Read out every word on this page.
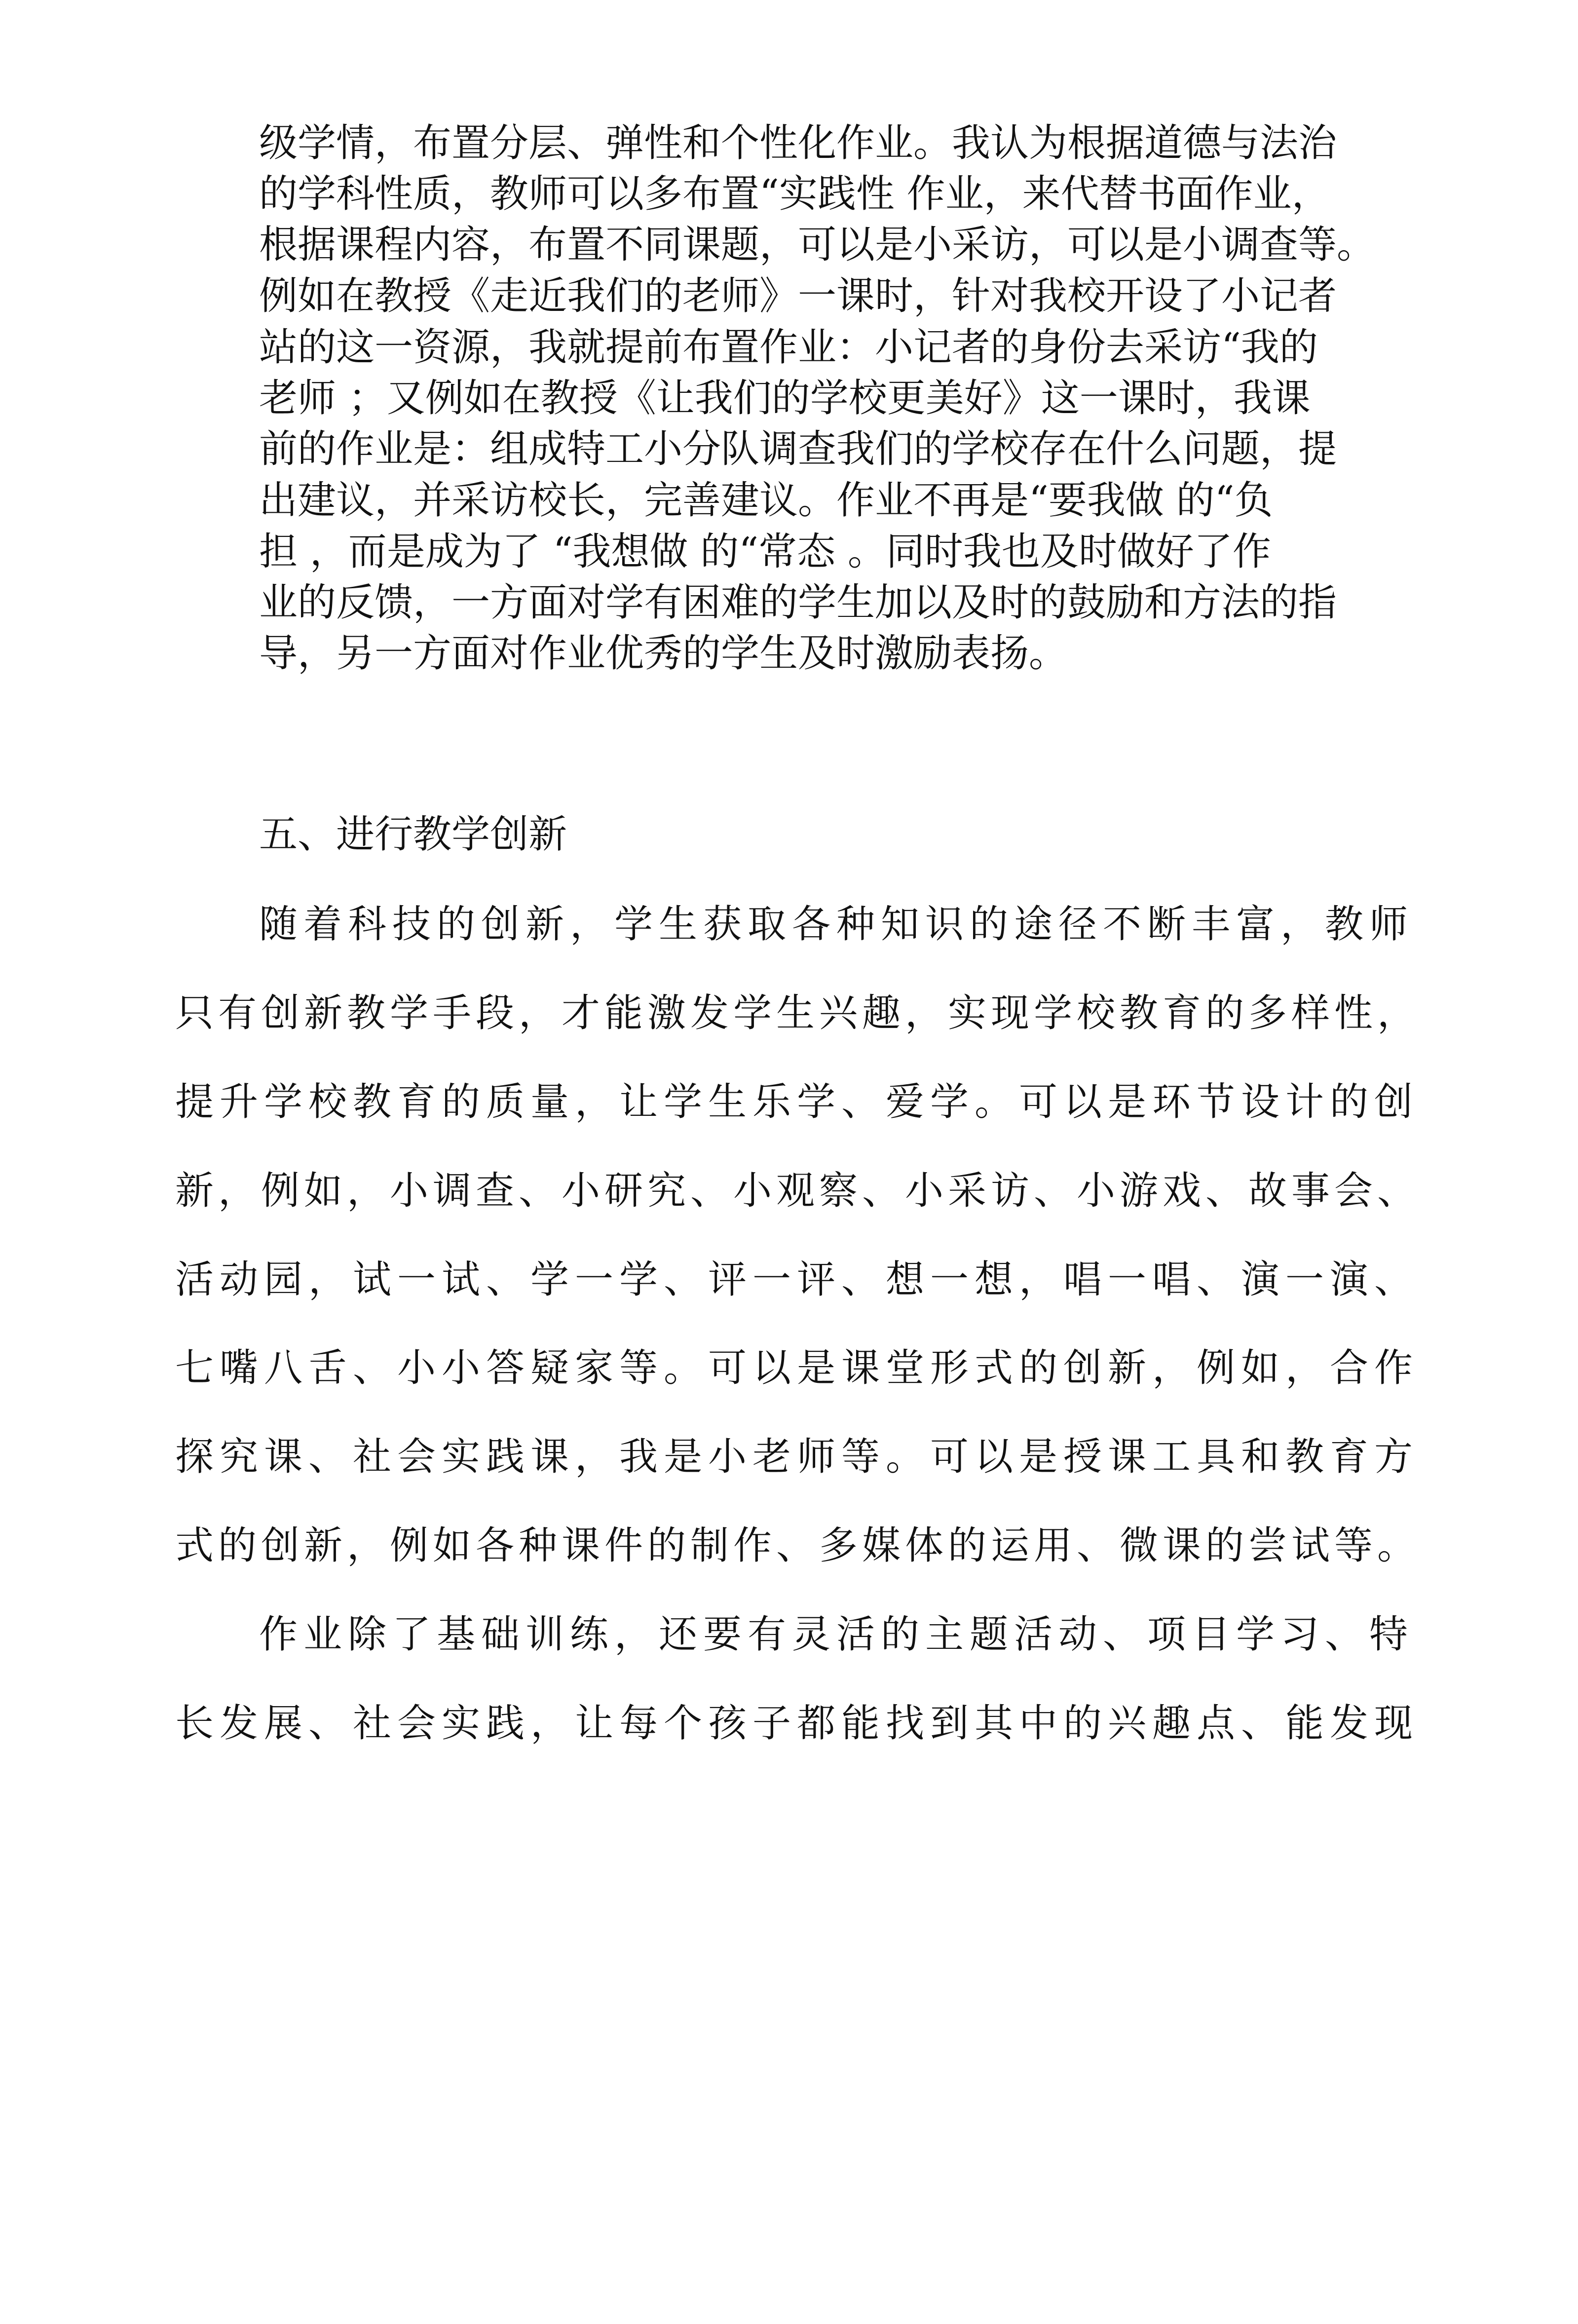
级学情，布置分层、弹性和个性化作业。我认为根据道德与法治

的学科性质，教师可以多布置“实践性 作业，来代替书面作业，

根据课程内容，布置不同课题，可以是小采访，可以是小调查等。

例如在教授《走近我们的老师》一课时，针对我校开设了小记者

站的这一资源，我就提前布置作业：小记者的身份去采访“我的

老师 ；又例如在教授《让我们的学校更美好》这一课时，我课

前的作业是：组成特工小分队调查我们的学校存在什么问题，提

出建议，并采访校长，完善建议。作业不再是“要我做 的“负

担 ，而是成为了 “我想做 的“常态 。同时我也及时做好了作

业的反馈，一方面对学有困难的学生加以及时的鼓励和方法的指

导，另一方面对作业优秀的学生及时激励表扬。

五、进行教学创新

随着科技的创新，学生获取各种知识的途径不断丰富，教师

只有创新教学手段，才能激发学生兴趣，实现学校教育的多样性，

提升学校教育的质量，让学生乐学、爱学。可以是环节设计的创

新，例如，小调查、小研究、小观察、小采访、小游戏、故事会、

活动园，试一试、学一学、评一评、想一想，唱一唱、演一演、

七嘴八舌、小小答疑家等。可以是课堂形式的创新，例如，合作

探究课、社会实践课，我是小老师等。可以是授课工具和教育方

式的创新，例如各种课件的制作、多媒体的运用、微课的尝试等。

作业除了基础训练，还要有灵活的主题活动、项目学习、特

长发展、社会实践，让每个孩子都能找到其中的兴趣点、能发现
